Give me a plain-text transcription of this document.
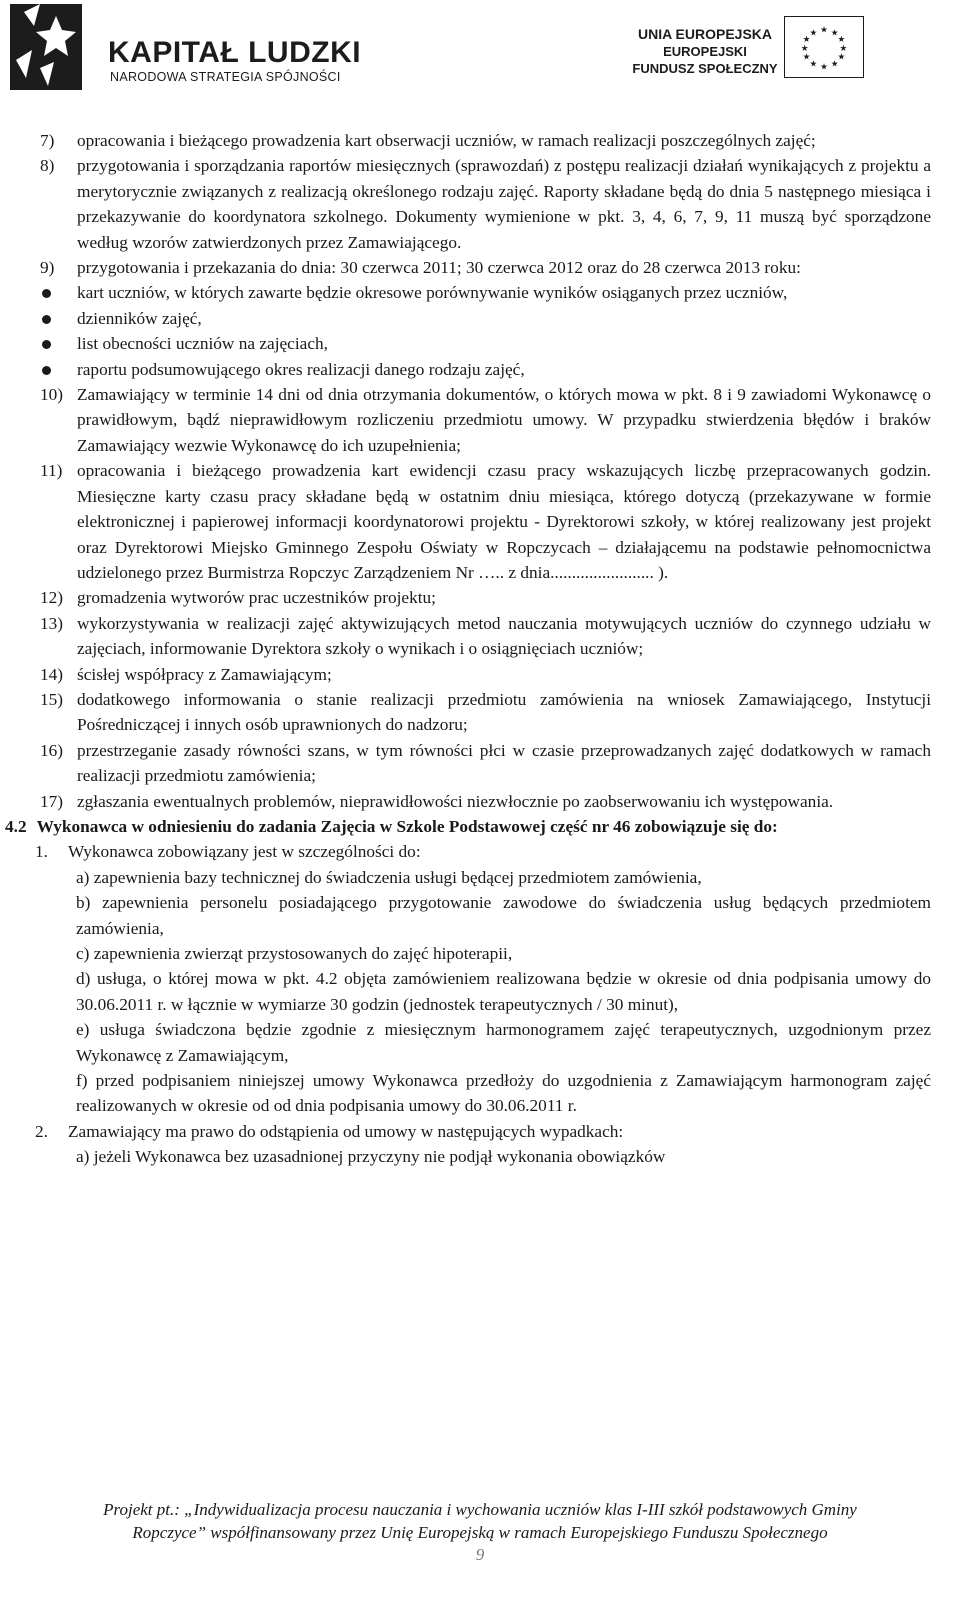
KAPITAŁ LUDZKI
NARODOWA STRATEGIA SPÓJNOŚCI
UNIA EUROPEJSKA
EUROPEJSKI
FUNDUSZ SPOŁECZNY
★ ★
★
★
★
★
★
★
★
★
★
★
7) opracowania i bieżącego prowadzenia kart obserwacji uczniów, w ramach realizacji poszczególnych zajęć;
8) przygotowania i sporządzania raportów miesięcznych (sprawozdań) z postępu realizacji działań wynikających z projektu a merytorycznie związanych z realizacją określonego rodzaju zajęć. Raporty składane będą do dnia 5 następnego miesiąca i przekazywanie do koordynatora szkolnego. Dokumenty wymienione w pkt. 3, 4, 6, 7, 9, 11 muszą być sporządzone według wzorów zatwierdzonych przez Zamawiającego.
9) przygotowania i przekazania do dnia: 30 czerwca 2011; 30 czerwca 2012 oraz do 28 czerwca 2013 roku:
kart uczniów, w których zawarte będzie okresowe porównywanie wyników osiąganych przez uczniów,
dzienników zajęć,
list obecności uczniów na zajęciach,
raportu podsumowującego okres realizacji danego rodzaju zajęć,
10) Zamawiający w terminie 14 dni od dnia otrzymania dokumentów, o których mowa w pkt. 8 i 9 zawiadomi Wykonawcę o prawidłowym, bądź nieprawidłowym rozliczeniu przedmiotu umowy. W przypadku stwierdzenia błędów i braków Zamawiający wezwie Wykonawcę do ich uzupełnienia;
11) opracowania i bieżącego prowadzenia kart ewidencji czasu pracy wskazujących liczbę przepracowanych godzin. Miesięczne karty czasu pracy składane będą w ostatnim dniu miesiąca, którego dotyczą (przekazywane w formie elektronicznej i papierowej informacji koordynatorowi projektu - Dyrektorowi szkoły, w której realizowany jest projekt oraz Dyrektorowi Miejsko Gminnego Zespołu Oświaty w Ropczycach – działającemu na podstawie pełnomocnictwa udzielonego przez Burmistrza Ropczyc Zarządzeniem Nr ….. z dnia........................ ).
12) gromadzenia wytworów prac uczestników projektu;
13) wykorzystywania w realizacji zajęć aktywizujących metod nauczania motywujących uczniów do czynnego udziału w zajęciach, informowanie Dyrektora szkoły o wynikach i o osiągnięciach uczniów;
14) ścisłej współpracy z Zamawiającym;
15) dodatkowego informowania o stanie realizacji przedmiotu zamówienia na wniosek Zamawiającego, Instytucji Pośredniczącej i innych osób uprawnionych do nadzoru;
16) przestrzeganie zasady równości szans, w tym równości płci w czasie przeprowadzanych zajęć dodatkowych w ramach realizacji przedmiotu zamówienia;
17) zgłaszania ewentualnych problemów, nieprawidłowości niezwłocznie po zaobserwowaniu ich występowania.
4.2 Wykonawca w odniesieniu do zadania Zajęcia w Szkole Podstawowej część nr 46 zobowiązuje się do:
1. Wykonawca zobowiązany jest w szczególności do:
a) zapewnienia bazy technicznej do świadczenia usługi będącej przedmiotem zamówienia,
b) zapewnienia personelu posiadającego przygotowanie zawodowe do świadczenia usług będących przedmiotem zamówienia,
c) zapewnienia zwierząt przystosowanych do zajęć hipoterapii,
d) usługa, o której mowa w pkt. 4.2 objęta zamówieniem realizowana będzie w okresie od dnia podpisania umowy do 30.06.2011 r. w łącznie w wymiarze 30 godzin (jednostek terapeutycznych / 30 minut),
e) usługa świadczona będzie zgodnie z miesięcznym harmonogramem zajęć terapeutycznych, uzgodnionym przez Wykonawcę z Zamawiającym,
f) przed podpisaniem niniejszej umowy Wykonawca przedłoży do uzgodnienia z Zamawiającym harmonogram zajęć realizowanych w okresie od od dnia podpisania umowy do 30.06.2011 r.
2. Zamawiający ma prawo do odstąpienia od umowy w następujących wypadkach:
a) jeżeli Wykonawca bez uzasadnionej przyczyny nie podjął wykonania obowiązków
Projekt pt.: „Indywidualizacja procesu nauczania i wychowania uczniów klas I-III szkół podstawowych Gminy
Ropczyce” współfinansowany przez Unię Europejską w ramach Europejskiego Funduszu Społecznego
9
